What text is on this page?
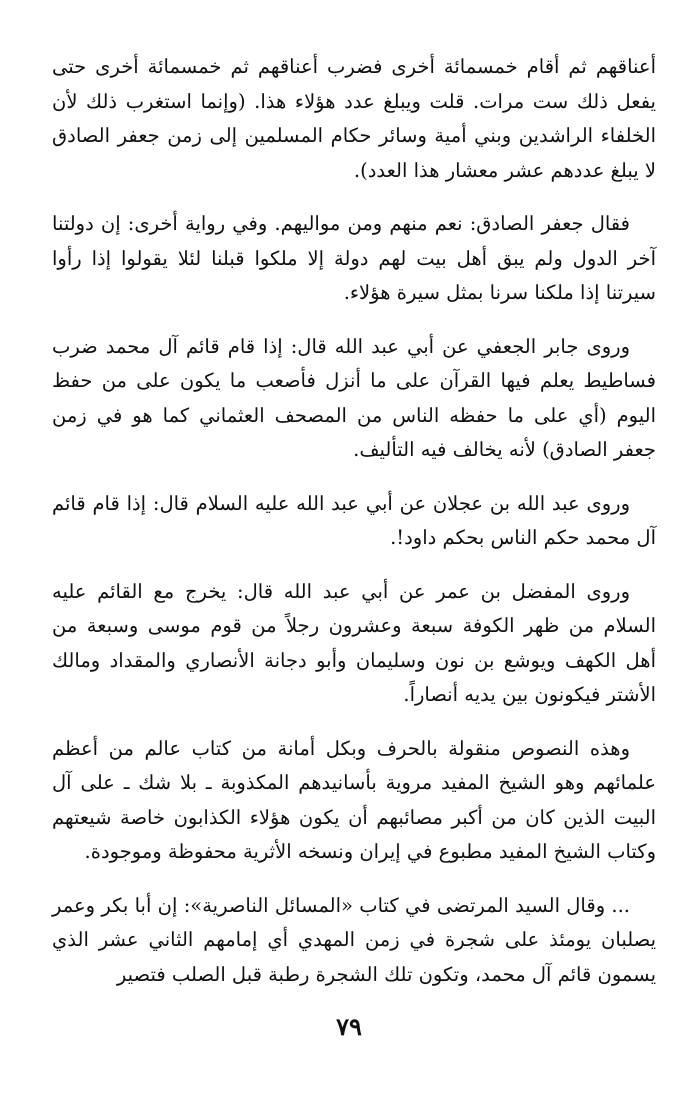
أعناقهم ثم أقام خمسمائة أخرى فضرب أعناقهم ثم خمسمائة أخرى حتى يفعل ذلك ست مرات. قلت ويبلغ عدد هؤلاء هذا. (وإنما استغرب ذلك لأن الخلفاء الراشدين وبني أمية وسائر حكام المسلمين إلى زمن جعفر الصادق لا يبلغ عددهم عشر معشار هذا العدد).

فقال جعفر الصادق: نعم منهم ومن مواليهم. وفي رواية أخرى: إن دولتنا آخر الدول ولم يبق أهل بيت لهم دولة إلا ملكوا قبلنا لئلا يقولوا إذا رأوا سيرتنا إذا ملكنا سرنا بمثل سيرة هؤلاء.

وروى جابر الجعفي عن أبي عبد الله قال: إذا قام قائم آل محمد ضرب فساطيط يعلم فيها القرآن على ما أنزل فأصعب ما يكون على من حفظ اليوم (أي على ما حفظه الناس من المصحف العثماني كما هو في زمن جعفر الصادق) لأنه يخالف فيه التأليف.

وروى عبد الله بن عجلان عن أبي عبد الله عليه السلام قال: إذا قام قائم آل محمد حكم الناس بحكم داود!.

وروى المفضل بن عمر عن أبي عبد الله قال: يخرج مع القائم عليه السلام من ظهر الكوفة سبعة وعشرون رجلاً من قوم موسى وسبعة من أهل الكهف ويوشع بن نون وسليمان وأبو دجانة الأنصاري والمقداد ومالك الأشتر فيكونون بين يديه أنصاراً.

وهذه النصوص منقولة بالحرف وبكل أمانة من كتاب عالم من أعظم علمائهم وهو الشيخ المفيد مروية بأسانيدهم المكذوبة ـ بلا شك ـ على آل البيت الذين كان من أكبر مصائبهم أن يكون هؤلاء الكذابون خاصة شيعتهم وكتاب الشيخ المفيد مطبوع في إيران ونسخه الأثرية محفوظة وموجودة.

... وقال السيد المرتضى في كتاب «المسائل الناصرية»: إن أبا بكر وعمر يصلبان يومئذ على شجرة في زمن المهدي أي إمامهم الثاني عشر الذي يسمون قائم آل محمد، وتكون تلك الشجرة رطبة قبل الصلب فتصير

٧٩
